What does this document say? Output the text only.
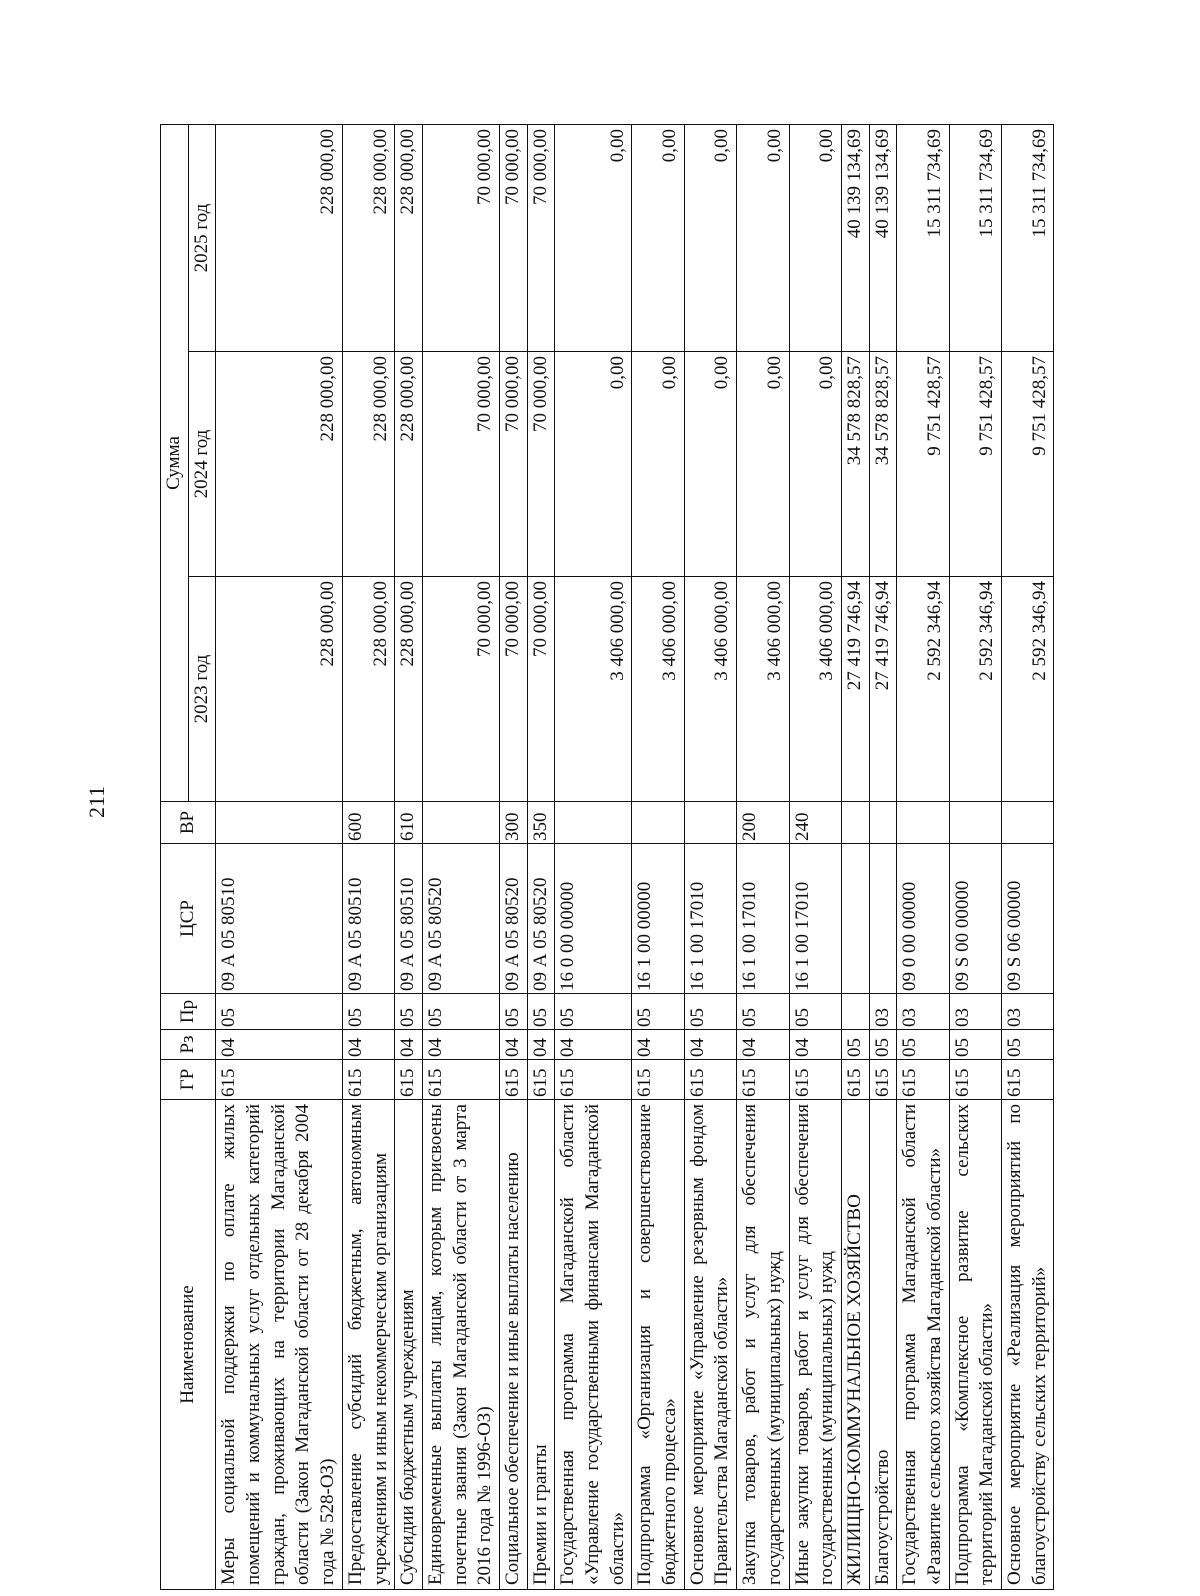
211
Наименование	ГР	Рз	Пр	ЦСР	ВР	Сумма		
						2023 год	2024 год	2025 год
Меры социальной поддержки по оплате жилых помещений и коммунальных услуг отдельных категорий граждан, проживающих на территории Магаданской области (Закон Магаданской области от 28 декабря 2004 года № 528-ОЗ)	615	04	05	09 А 05 80510		228 000,00	228 000,00	228 000,00
Предоставление субсидий бюджетным, автономным учреждениям и иным некоммерческим организациям	615	04	05	09 А 05 80510	600	228 000,00	228 000,00	228 000,00
Субсидии бюджетным учреждениям	615	04	05	09 А 05 80510	610	228 000,00	228 000,00	228 000,00
Единовременные выплаты лицам, которым присвоены почетные звания (Закон Магаданской области от 3 марта 2016 года № 1996-ОЗ)	615	04	05	09 А 05 80520		70 000,00	70 000,00	70 000,00
Социальное обеспечение и иные выплаты населению	615	04	05	09 А 05 80520	300	70 000,00	70 000,00	70 000,00
Премии и гранты	615	04	05	09 А 05 80520	350	70 000,00	70 000,00	70 000,00
Государственная программа Магаданской области «Управление государственными финансами Магаданской области»	615	04	05	16 0 00 00000		3 406 000,00	0,00	0,00
Подпрограмма «Организация и совершенствование бюджетного процесса»	615	04	05	16 1 00 00000		3 406 000,00	0,00	0,00
Основное мероприятие «Управление резервным фондом Правительства Магаданской области»	615	04	05	16 1 00 17010		3 406 000,00	0,00	0,00
Закупка товаров, работ и услуг для обеспечения государственных (муниципальных) нужд	615	04	05	16 1 00 17010	200	3 406 000,00	0,00	0,00
Иные закупки товаров, работ и услуг для обеспечения государственных (муниципальных) нужд	615	04	05	16 1 00 17010	240	3 406 000,00	0,00	0,00
ЖИЛИЩНО-КОММУНАЛЬНОЕ ХОЗЯЙСТВО	615	05				27 419 746,94	34 578 828,57	40 139 134,69
Благоустройство	615	05	03			27 419 746,94	34 578 828,57	40 139 134,69
Государственная программа Магаданской области «Развитие сельского хозяйства Магаданской области»	615	05	03	09 0 00 00000		2 592 346,94	9 751 428,57	15 311 734,69
Подпрограмма «Комплексное развитие сельских территорий Магаданской области»	615	05	03	09 S 00 00000		2 592 346,94	9 751 428,57	15 311 734,69
Основное мероприятие «Реализация мероприятий по благоустройству сельских территорий»	615	05	03	09 S 06 00000		2 592 346,94	9 751 428,57	15 311 734,69
